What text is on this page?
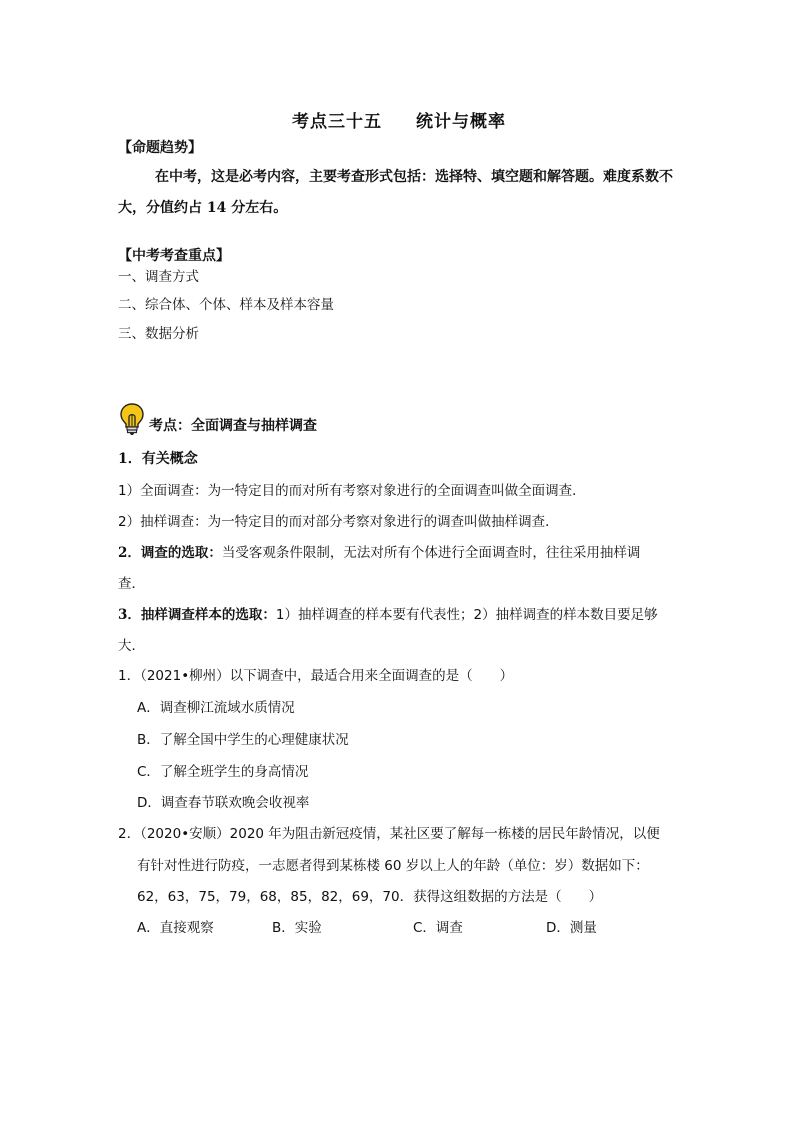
考点三十五 统计与概率
【命题趋势】
在中考，这是必考内容，主要考查形式包括：选择特、填空题和解答题。难度系数不
大，分值约占 14 分左右。
【中考考查重点】
一、调查方式
二、综合体、个体、样本及样本容量
三、数据分析
考点：全面调查与抽样调查
1．有关概念
1）全面调查：为一特定目的而对所有考察对象进行的全面调查叫做全面调查．
2）抽样调查：为一特定目的而对部分考察对象进行的调查叫做抽样调查．
2．调查的选取：当受客观条件限制，无法对所有个体进行全面调查时，往往采用抽样调
查．
3．抽样调查样本的选取：1）抽样调查的样本要有代表性；2）抽样调查的样本数目要足够
大．
1．（2021•柳州）以下调查中，最适合用来全面调查的是（　　）
A．调查柳江流域水质情况
B．了解全国中学生的心理健康状况
C．了解全班学生的身高情况
D．调查春节联欢晚会收视率
2．（2020•安顺）2020 年为阻击新冠疫情，某社区要了解每一栋楼的居民年龄情况，以便
有针对性进行防疫，一志愿者得到某栋楼 60 岁以上人的年龄（单位：岁）数据如下：
62，63，75，79，68，85，82，69，70．获得这组数据的方法是（　　）
A．直接观察	B．实验	C．调查	D．测量
